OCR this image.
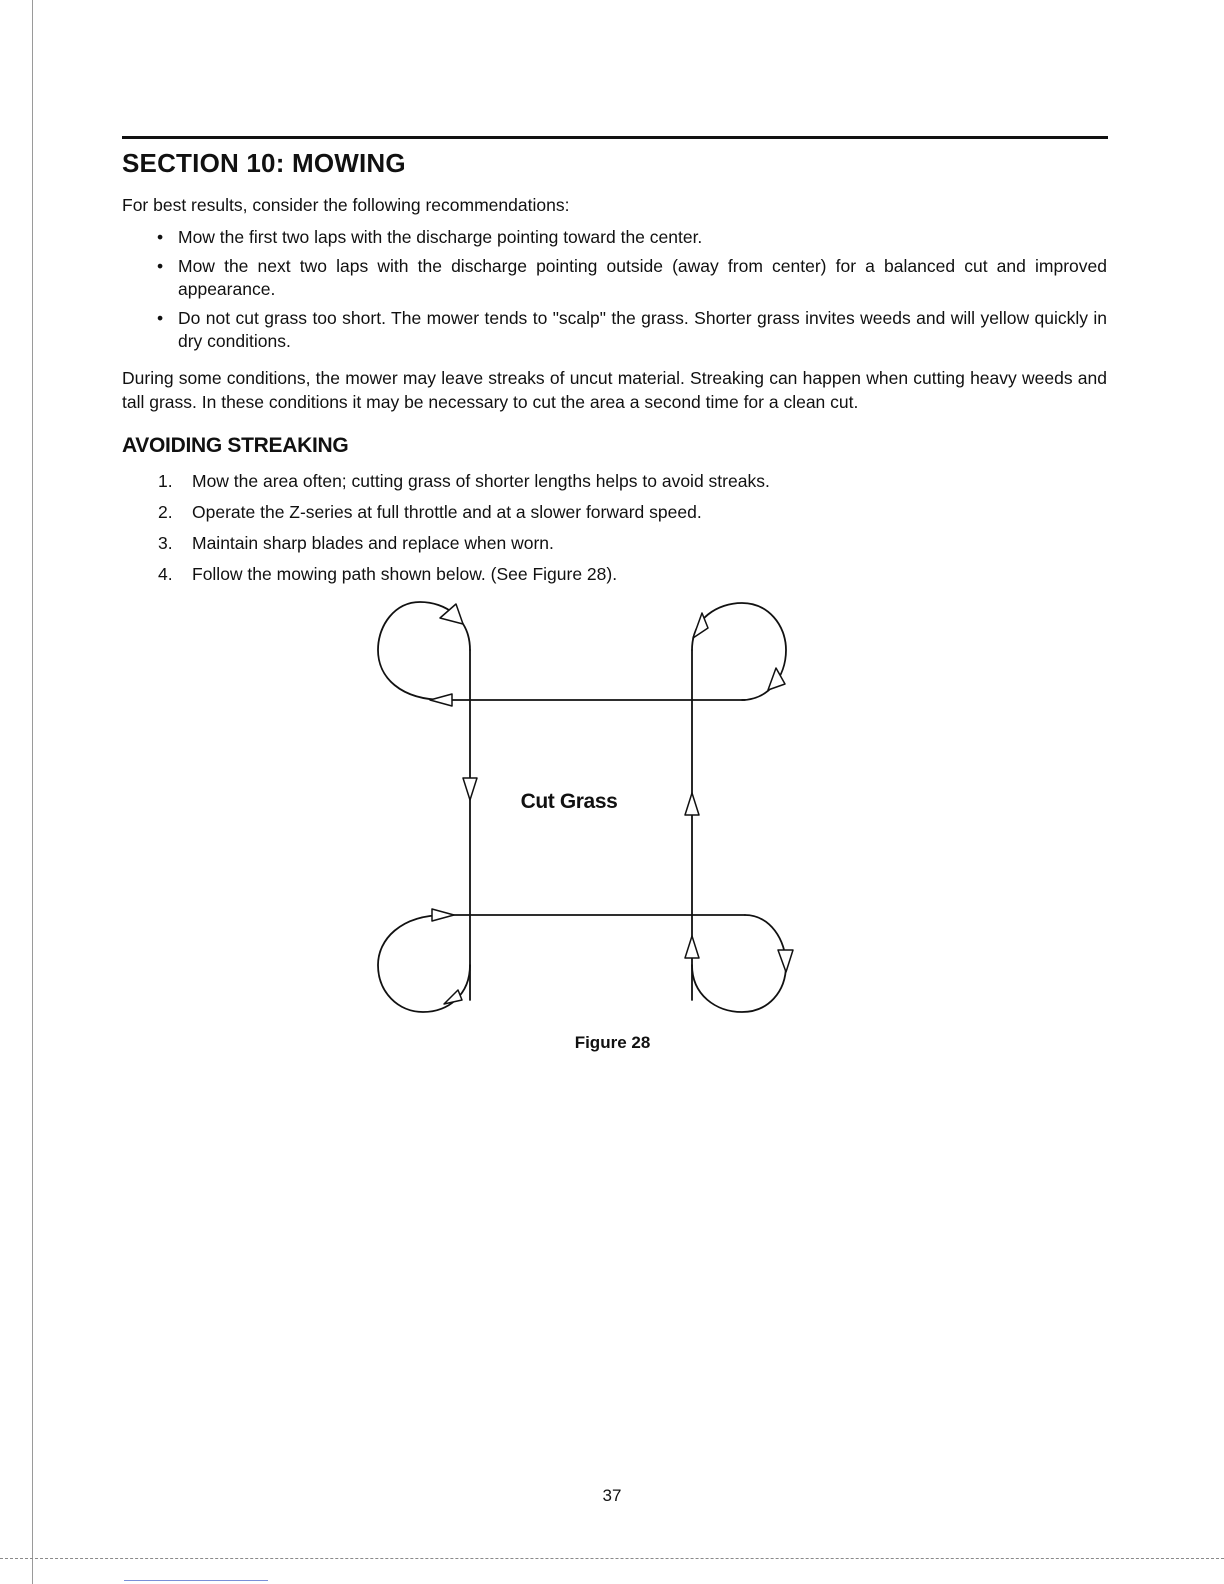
SECTION 10: MOWING

For best results, consider the following recommendations:

• Mow the first two laps with the discharge pointing toward the center.
• Mow the next two laps with the discharge pointing outside (away from center) for a balanced cut and improved appearance.
• Do not cut grass too short. The mower tends to "scalp" the grass. Shorter grass invites weeds and will yellow quickly in dry conditions.

During some conditions, the mower may leave streaks of uncut material. Streaking can happen when cutting heavy weeds and tall grass. In these conditions it may be necessary to cut the area a second time for a clean cut.

AVOIDING STREAKING
1.	Mow the area often; cutting grass of shorter lengths helps to avoid streaks.
2.	Operate the Z-series at full throttle and at a slower forward speed.
3.	Maintain sharp blades and replace when worn.
4.	Follow the mowing path shown below. (See Figure 28).
Cut Grass

Figure 28

37
